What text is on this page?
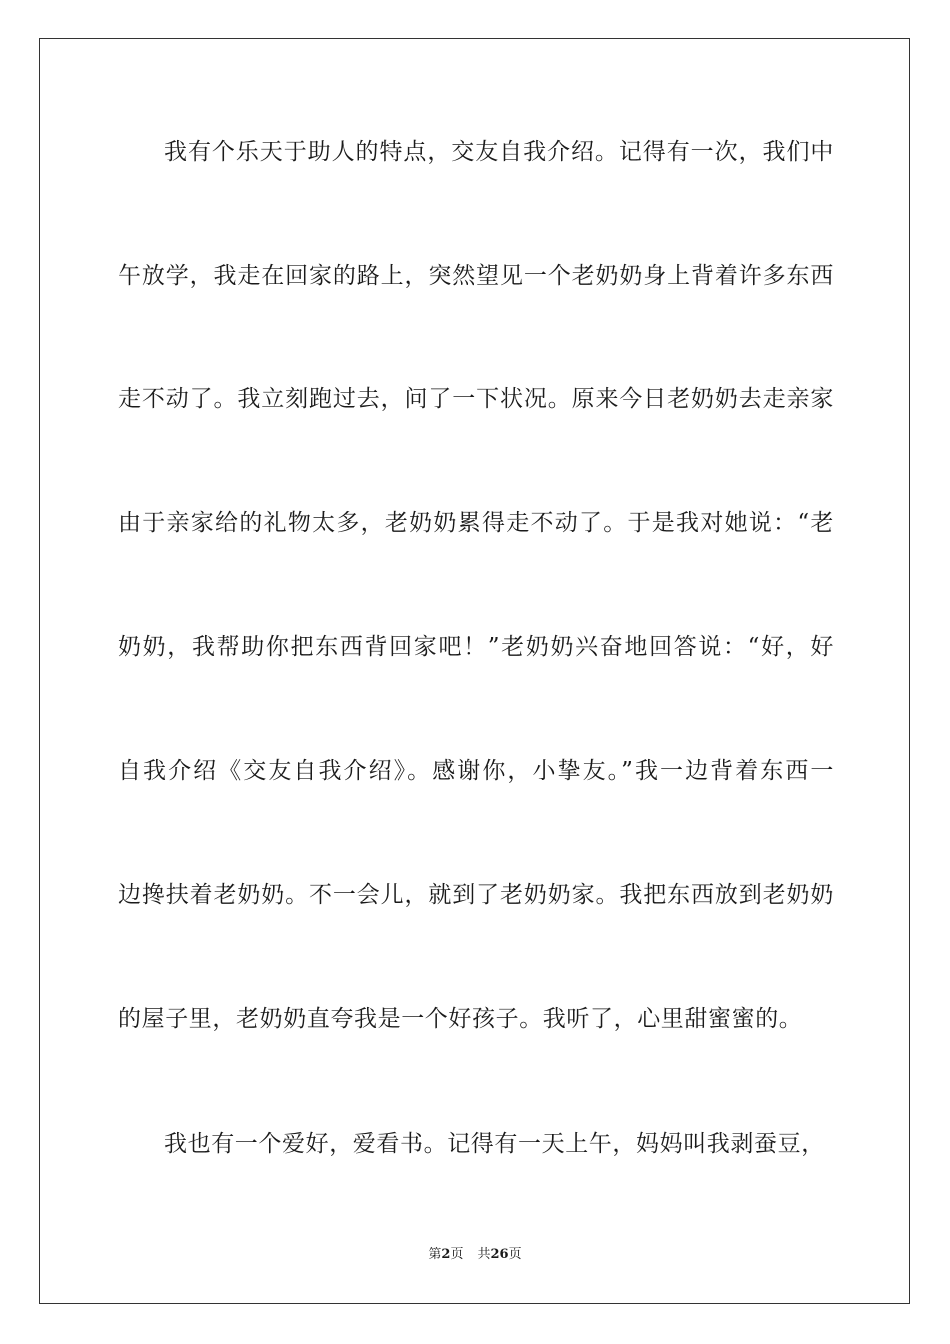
我有个乐天于助人的特点，交友自我介绍。记得有一次，我们中
午放学，我走在回家的路上，突然望见一个老奶奶身上背着许多东西
走不动了。我立刻跑过去，问了一下状况。原来今日老奶奶去走亲家
由于亲家给的礼物太多，老奶奶累得走不动了。于是我对她说：“老
奶奶，我帮助你把东西背回家吧！”老奶奶兴奋地回答说：“好，好
自我介绍《交友自我介绍》。感谢你，小挚友。”我一边背着东西一
边搀扶着老奶奶。不一会儿，就到了老奶奶家。我把东西放到老奶奶
的屋子里，老奶奶直夸我是一个好孩子。我听了，心里甜蜜蜜的。
我也有一个爱好，爱看书。记得有一天上午，妈妈叫我剥蚕豆，
第2页 共26页
